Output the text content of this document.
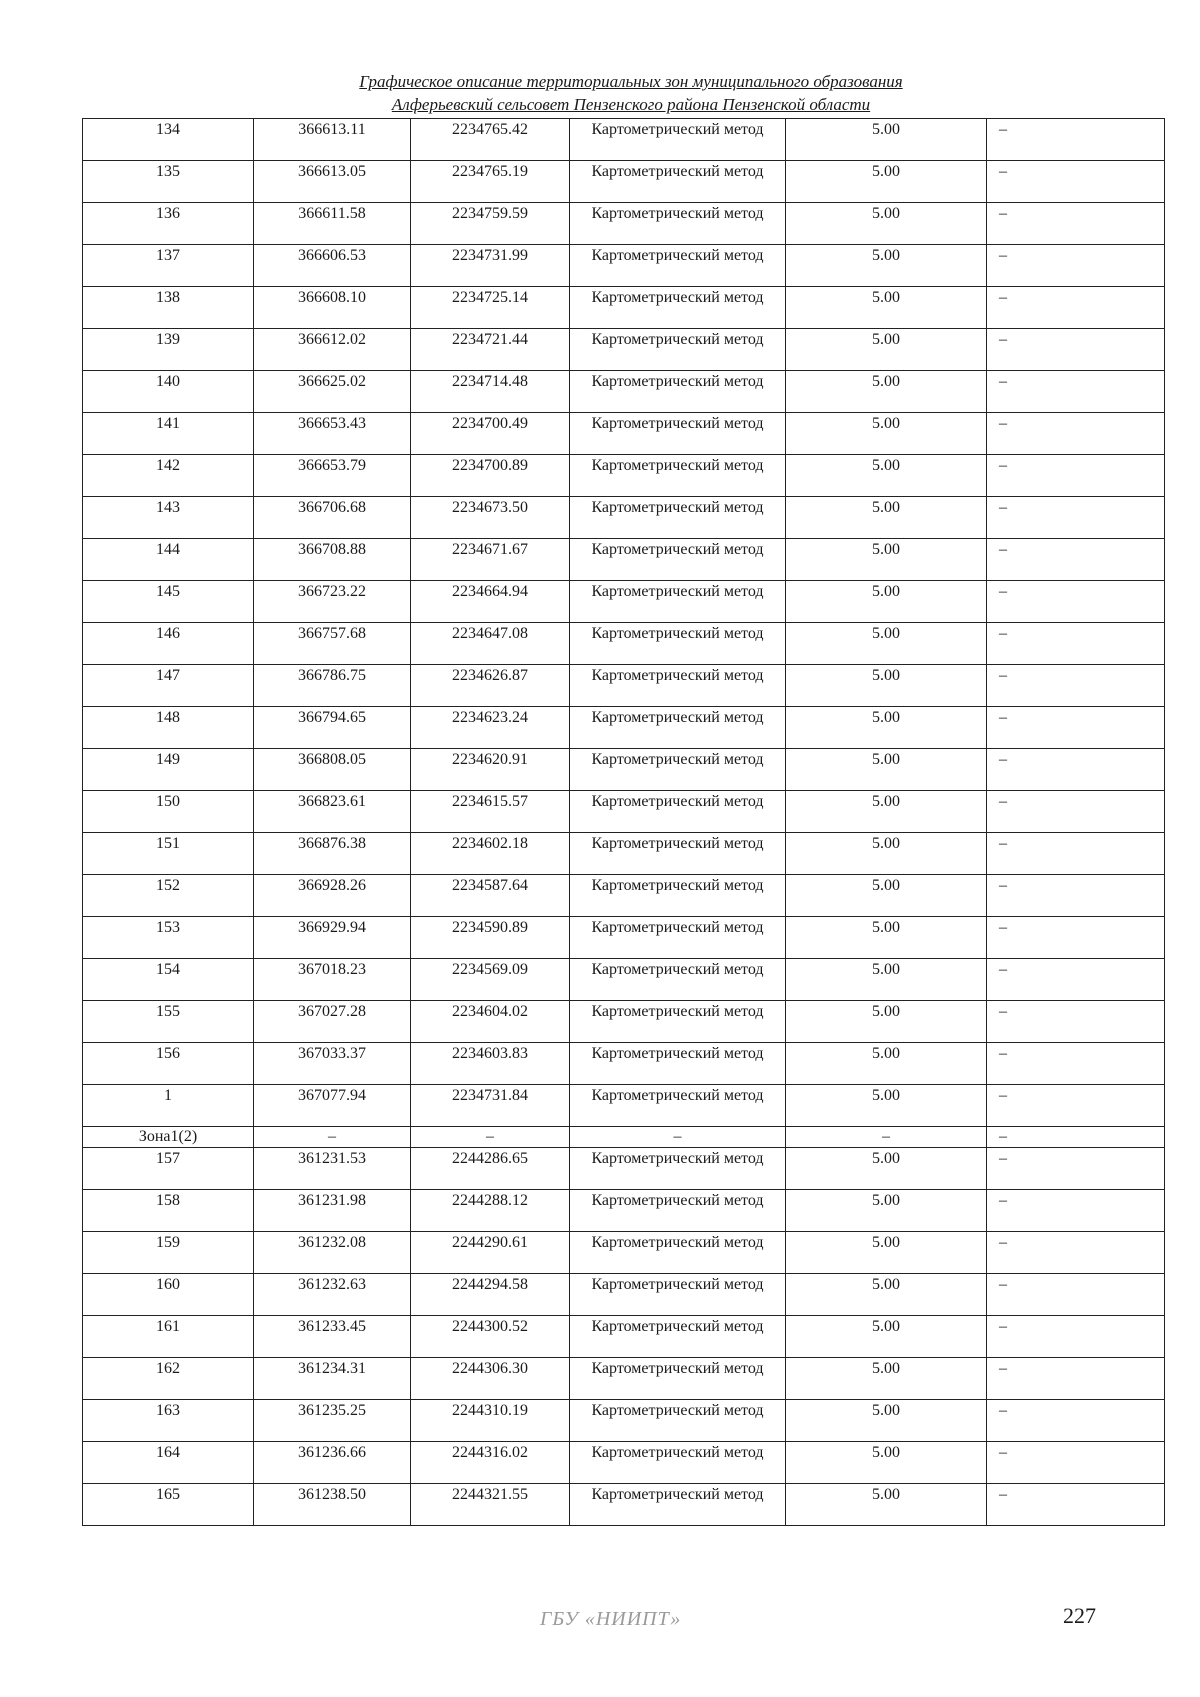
Графическое описание территориальных зон муниципального образования
Алферьевский сельсовет Пензенского района Пензенской области
134	366613.11	2234765.42	Картометрический метод	5.00	–
135	366613.05	2234765.19	Картометрический метод	5.00	–
136	366611.58	2234759.59	Картометрический метод	5.00	–
137	366606.53	2234731.99	Картометрический метод	5.00	–
138	366608.10	2234725.14	Картометрический метод	5.00	–
139	366612.02	2234721.44	Картометрический метод	5.00	–
140	366625.02	2234714.48	Картометрический метод	5.00	–
141	366653.43	2234700.49	Картометрический метод	5.00	–
142	366653.79	2234700.89	Картометрический метод	5.00	–
143	366706.68	2234673.50	Картометрический метод	5.00	–
144	366708.88	2234671.67	Картометрический метод	5.00	–
145	366723.22	2234664.94	Картометрический метод	5.00	–
146	366757.68	2234647.08	Картометрический метод	5.00	–
147	366786.75	2234626.87	Картометрический метод	5.00	–
148	366794.65	2234623.24	Картометрический метод	5.00	–
149	366808.05	2234620.91	Картометрический метод	5.00	–
150	366823.61	2234615.57	Картометрический метод	5.00	–
151	366876.38	2234602.18	Картометрический метод	5.00	–
152	366928.26	2234587.64	Картометрический метод	5.00	–
153	366929.94	2234590.89	Картометрический метод	5.00	–
154	367018.23	2234569.09	Картометрический метод	5.00	–
155	367027.28	2234604.02	Картометрический метод	5.00	–
156	367033.37	2234603.83	Картометрический метод	5.00	–
1	367077.94	2234731.84	Картометрический метод	5.00	–
Зона1(2)	–	–	–	–	–
157	361231.53	2244286.65	Картометрический метод	5.00	–
158	361231.98	2244288.12	Картометрический метод	5.00	–
159	361232.08	2244290.61	Картометрический метод	5.00	–
160	361232.63	2244294.58	Картометрический метод	5.00	–
161	361233.45	2244300.52	Картометрический метод	5.00	–
162	361234.31	2244306.30	Картометрический метод	5.00	–
163	361235.25	2244310.19	Картометрический метод	5.00	–
164	361236.66	2244316.02	Картометрический метод	5.00	–
165	361238.50	2244321.55	Картометрический метод	5.00	–
ГБУ «НИИПТ»	227
